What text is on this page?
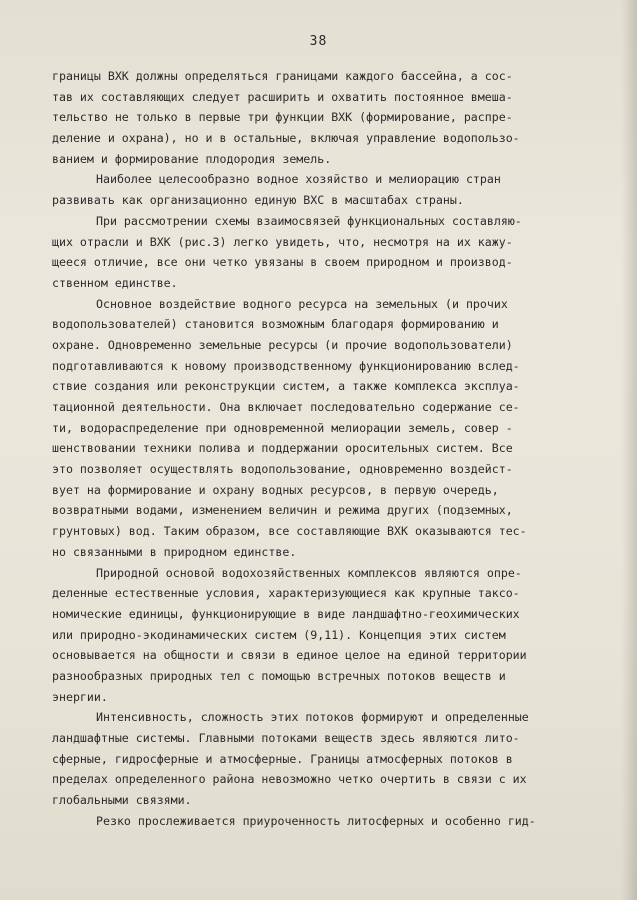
38
границы ВХК должны определяться границами каждого бассейна, а сос-
тав их составляющих следует расширить и охватить постоянное вмеша-
тельство не только в первые три функции ВХК (формирование, распре-
деление и охрана), но и в остальные, включая управление водопользо-
ванием и формирование плодородия земель.
Наиболее целесообразно водное хозяйство и мелиорацию стран
развивать как организационно единую ВХС в масштабах страны.
При рассмотрении схемы взаимосвязей функциональных составляю-
щих отрасли и ВХК (рис.3) легко увидеть, что, несмотря на их кажу-
щееся отличие, все они четко увязаны в своем природном и производ-
ственном единстве.
Основное воздействие водного ресурса на земельных (и прочих
водопользователей) становится возможным благодаря формированию и
охране. Одновременно земельные ресурсы (и прочие водопользователи)
подготавливаются к новому производственному функционированию вслед-
ствие создания или реконструкции систем, а также комплекса эксплуа-
тационной деятельности. Она включает последовательно содержание се-
ти, водораспределение при одновременной мелиорации земель, совер -
шенствовании техники полива и поддержании оросительных систем. Все
это позволяет осуществлять водопользование, одновременно воздейст-
вует на формирование и охрану водных ресурсов, в первую очередь,
возвратными водами, изменением величин и режима других (подземных,
грунтовых) вод. Таким образом, все составляющие ВХК оказываются тес-
но связанными в природном единстве.
Природной основой водохозяйственных комплексов являются опре-
деленные естественные условия, характеризующиеся как крупные таксо-
номические единицы, функционирующие в виде ландшафтно-геохимических
или природно-экодинамических систем (9,11). Концепция этих систем
основывается на общности и связи в единое целое на единой территории
разнообразных природных тел с помощью встречных потоков веществ и
энергии.
Интенсивность, сложность этих потоков формируют и определенные
ландшафтные системы. Главными потоками веществ здесь являются лито-
сферные, гидросферные и атмосферные. Границы атмосферных потоков в
пределах определенного района невозможно четко очертить в связи с их
глобальными связями.
Резко прослеживается приуроченность литосферных и особенно гид-
